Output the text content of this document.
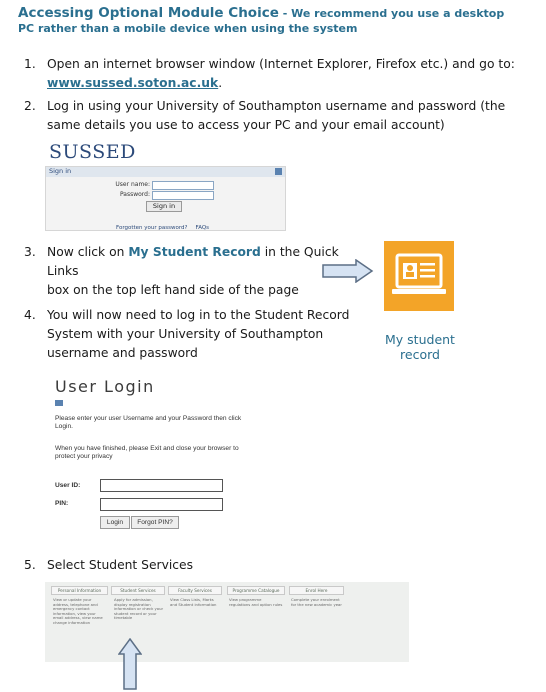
Accessing Optional Module Choice - We recommend you use a desktop
PC rather than a mobile device when using the system
1. Open an internet browser window (Internet Explorer, Firefox etc.) and go to:
www.sussed.soton.ac.uk.
2. Log in using your University of Southampton username and password (the
same details you use to access your PC and your email account)
SUSSED
Sign in
User name:
Password:
Sign in
Forgotten your password? FAQs
3. Now click on My Student Record in the Quick Links
box on the top left hand side of the page
My student
record
4. You will now need to log in to the Student Record
System with your University of Southampton
username and password
User Login
Please enter your user Username and your Password then click
Login.
When you have finished, please Exit and close your browser to
protect your privacy
User ID:
PIN:
Login	Forgot PIN?
5. Select Student Services
Personal Information	Student Services	Faculty Services	Programme Catalogue	Enrol Here
View or update your
address, telephone and
emergency contact
information, view your
email address, view name
change information
Apply for admission,
display registration
information or check your
student record or your
timetable
View Class Lists, Marks
and Student information
View programme
regulations and option rules
Complete your enrolment
for the new academic year
